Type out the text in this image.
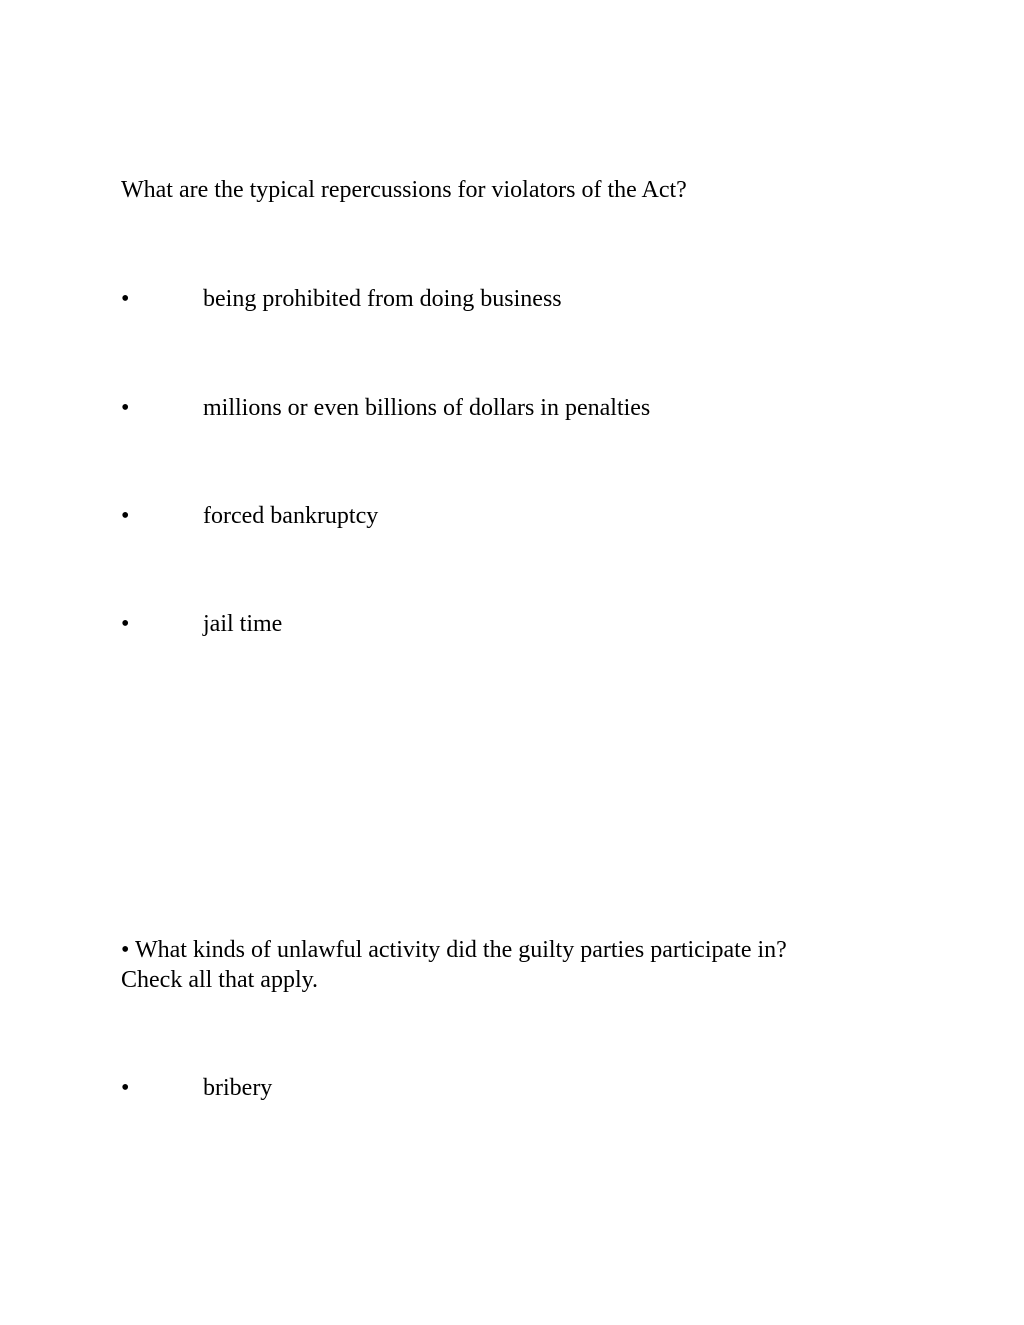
What are the typical repercussions for violators of the Act?
•	being prohibited from doing business
•	millions or even billions of dollars in penalties
•	forced bankruptcy
•	jail time
• What kinds of unlawful activity did the guilty parties participate in?
Check all that apply.
•	bribery
